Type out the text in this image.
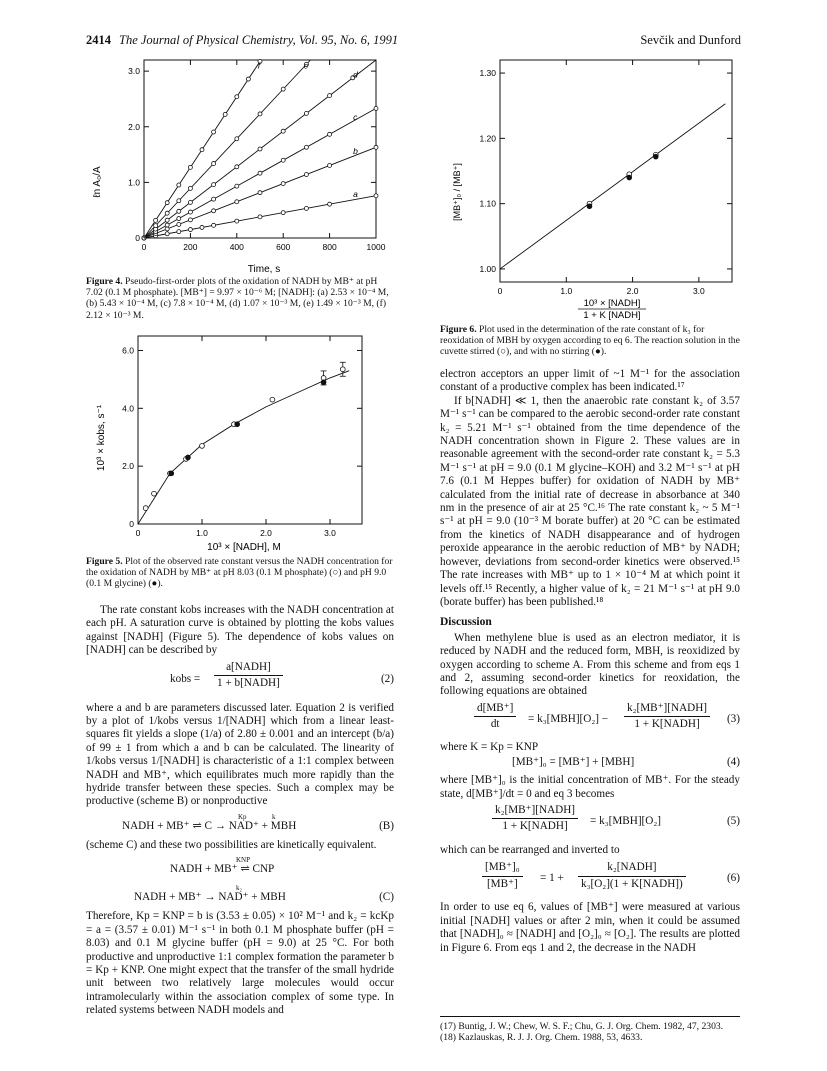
2414 The Journal of Physical Chemistry, Vol. 95, No. 6, 1991	Sevčik and Dunford
0	200	400	600	800	1000
0
1.0
2.0
3.0
a
b
c
d
e
f
Time, s
ℓn A₀/A
Figure 4. Pseudo-first-order plots of the oxidation of NADH by MB⁺ at pH 7.02 (0.1 M phosphate). [MB⁺] = 9.97 × 10⁻⁶ M; [NADH]: (a) 2.53 × 10⁻⁴ M, (b) 5.43 × 10⁻⁴ M, (c) 7.8 × 10⁻⁴ M, (d) 1.07 × 10⁻³ M, (e) 1.49 × 10⁻³ M, (f) 2.12 × 10⁻³ M.
0	1.0	2.0	3.0
0
2.0
4.0
6.0
10³ × [NADH], M
10³ × kobs, s⁻¹
Figure 5. Plot of the observed rate constant versus the NADH concentration for the oxidation of NADH by MB⁺ at pH 8.03 (0.1 M phosphate) (○) and pH 9.0 (0.1 M glycine) (●).

The rate constant kobs increases with the NADH concentration at each pH. A saturation curve is obtained by plotting the kobs values against [NADH] (Figure 5). The dependence of kobs values on [NADH] can be described by

kobs =
a[NADH]
1 + b[NADH]	(2)

where a and b are parameters discussed later. Equation 2 is verified by a plot of 1/kobs versus 1/[NADH] which from a linear least-squares fit yields a slope (1/a) of 2.80 ± 0.001 and an intercept (b/a) of 99 ± 1 from which a and b can be calculated. The linearity of 1/kobs versus 1/[NADH] is characteristic of a 1:1 complex between NADH and MB⁺, which equilibrates much more rapidly than the hydride transfer between these species. Such a complex may be productive (scheme B) or nonproductive

Kp	k
NADH + MB⁺ ⇌ C → NAD⁺ + MBH	(B)

(scheme C) and these two possibilities are kinetically equivalent.

KNP
NADH + MB⁺ ⇌ CNP
k₂
NADH + MB⁺ → NAD⁺ + MBH	(C)

Therefore, Kp = KNP = b is (3.53 ± 0.05) × 10² M⁻¹ and k₂ = kcKp = a = (3.57 ± 0.01) M⁻¹ s⁻¹ in both 0.1 M phosphate buffer (pH = 8.03) and 0.1 M glycine buffer (pH = 9.0) at 25 °C. For both productive and unproductive 1:1 complex formation the parameter b = Kp + KNP. One might expect that the transfer of the small hydride unit between two relatively large molecules would occur intramolecularly within the association complex of some type. In related systems between NADH models and

0	1.0	2.0	3.0
1.00
1.10
1.20
1.30
10³ × [NADH]
1 + K [NADH]
[MB⁺]₀ / [MB⁺]
Figure 6. Plot used in the determination of the rate constant of k₃ for reoxidation of MBH by oxygen according to eq 6. The reaction solution in the cuvette stirred (○), and with no stirring (●).

electron acceptors an upper limit of ~1 M⁻¹ for the association constant of a productive complex has been indicated.¹⁷

If b[NADH] ≪ 1, then the anaerobic rate constant k₂ of 3.57 M⁻¹ s⁻¹ can be compared to the aerobic second-order rate constant k₂ = 5.21 M⁻¹ s⁻¹ obtained from the time dependence of the NADH concentration shown in Figure 2. These values are in reasonable agreement with the second-order rate constant k₂ = 5.3 M⁻¹ s⁻¹ at pH = 9.0 (0.1 M glycine–KOH) and 3.2 M⁻¹ s⁻¹ at pH 7.6 (0.1 M Heppes buffer) for oxidation of NADH by MB⁺ calculated from the initial rate of decrease in absorbance at 340 nm in the presence of air at 25 °C.¹⁶ The rate constant k₂ ~ 5 M⁻¹ s⁻¹ at pH = 9.0 (10⁻³ M borate buffer) at 20 °C can be estimated from the kinetics of NADH disappearance and of hydrogen peroxide appearance in the aerobic reduction of MB⁺ by NADH; however, deviations from second-order kinetics were observed.¹⁵ The rate increases with MB⁺ up to 1 × 10⁻⁴ M at which point it levels off.¹⁵ Recently, a higher value of k₂ = 21 M⁻¹ s⁻¹ at pH 9.0 (borate buffer) has been published.¹⁸

Discussion

When methylene blue is used as an electron mediator, it is reduced by NADH and the reduced form, MBH, is reoxidized by oxygen according to scheme A. From this scheme and from eqs 1 and 2, assuming second-order kinetics for reoxidation, the following equations are obtained

$\frac{d[MB^+]}{dt} = k_3[MBH][O_2]$ −
k₂[MB⁺][NADH]
1 + K[NADH]	(3)
where K = Kp = KNP
[MB⁺]₀ = [MB⁺] + [MBH]	(4)

where [MB⁺]₀ is the initial concentration of MB⁺. For the steady state, d[MB⁺]/dt = 0 and eq 3 becomes

k₂[MB⁺][NADH]
1 + K[NADH]	= k₃[MBH][O₂]	(5)

which can be rearranged and inverted to

$\frac{\text{[MB⁺]₀}}{[MB^+]} = 1$ +
k₂[NADH]
k₃[O₂](1 + K[NADH])	(6)

In order to use eq 6, values of [MB⁺] were measured at various initial [NADH] values or after 2 min, when it could be assumed that [NADH]₀ ≈ [NADH] and [O₂]₀ ≈ [O₂]. The results are plotted in Figure 6. From eqs 1 and 2, the decrease in the NADH

(17) Buntig, J. W.; Chew, W. S. F.; Chu, G. J. Org. Chem. 1982, 47, 2303.
(18) Kazlauskas, R. J. J. Org. Chem. 1988, 53, 4633.
